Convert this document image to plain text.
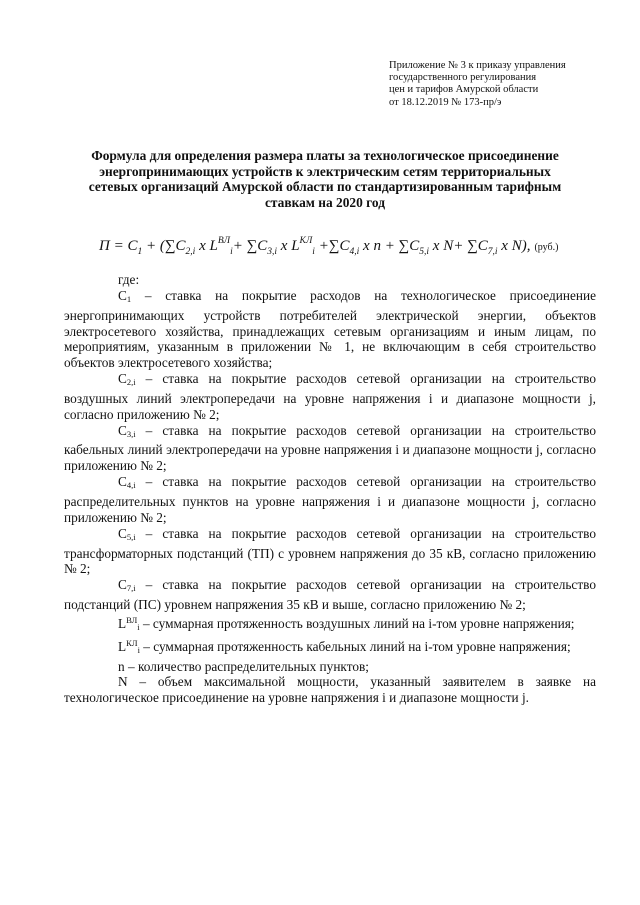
Приложение № 3 к приказу управления
государственного регулирования
цен и тарифов Амурской области
от 18.12.2019 № 173-пр/э
Формула для определения размера платы за технологическое присоединение
энергопринимающих устройств к электрическим сетям территориальных
сетевых организаций Амурской области по стандартизированным тарифным
ставкам на 2020 год
$П = C_1 + (\sum C_{2,i}$ х $L^{ВЛ}_i+ \sum C_{3,i}$ х $L^{КЛ}_i +\sum C_{4,i}$ х $n + \sum C_{5,i}$ х $N+ \sum C_{7,i}$ х N), (руб.)

где:

$C_1$ – ставка на покрытие расходов на технологическое присоединение энергопринимающих устройств потребителей электрической энергии, объектов электросетевого хозяйства, принадлежащих сетевым организациям и иным лицам, по мероприятиям, указанным в приложении № 1, не включающим в себя строительство объектов электросетевого хозяйства;

$C_{2,i}$ – ставка на покрытие расходов сетевой организации на строительство воздушных линий электропередачи на уровне напряжения i и диапазоне мощности j, согласно приложению № 2;

$C_{3,i}$ – ставка на покрытие расходов сетевой организации на строительство кабельных линий электропередачи на уровне напряжения i и диапазоне мощности j, согласно приложению № 2;

$C_{4,i}$ – ставка на покрытие расходов сетевой организации на строительство распределительных пунктов на уровне напряжения i и диапазоне мощности j, согласно приложению № 2;

$C_{5,i}$ – ставка на покрытие расходов сетевой организации на строительство трансформаторных подстанций (ТП) с уровнем напряжения до 35 кВ, согласно приложению № 2;

$C_{7,i}$ – ставка на покрытие расходов сетевой организации на строительство подстанций (ПС) уровнем напряжения 35 кВ и выше, согласно приложению № 2;

$L^{ВЛ}_i$ – суммарная протяженность воздушных линий на i-том уровне напряжения;

$L^{КЛ}_i$ – суммарная протяженность кабельных линий на i-том уровне напряжения;

n – количество распределительных пунктов;

N – объем максимальной мощности, указанный заявителем в заявке на технологическое присоединение на уровне напряжения i и диапазоне мощности j.
